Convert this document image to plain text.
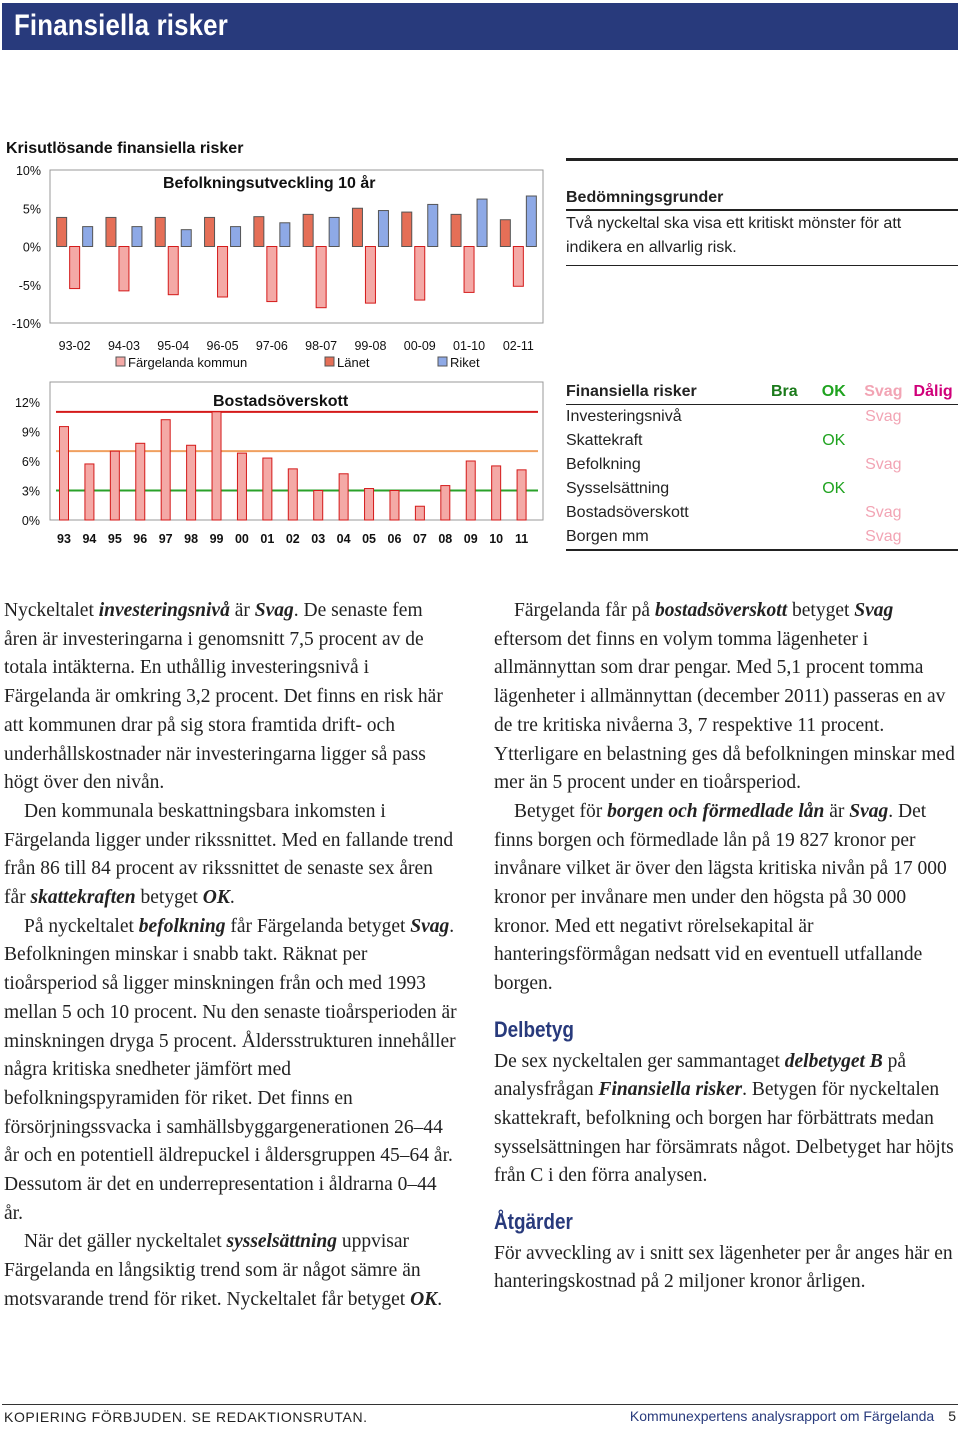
Finansiella risker
Krisutlösande finansiella risker
10%
5%
0%
-5%
-10%
Befolkningsutveckling 10 år
93-02 94-03 95-04 96-05 97-06 98-07 99-08 00-09 01-10 02-11
Färgelanda kommun	Länet	Riket
12%
9%
6%
3%
0%
Bostadsöverskott
93 94 95 96 97 98 99 00 01 02 03 04 05 06 07 08 09 10 11
Bedömningsgrunder
Två nyckeltal ska visa ett kritiskt mönster för att indikera en allvarlig risk.
Finansiella risker	Bra	OK	Svag	Dålig
Investeringsnivå			Svag	
Skattekraft		OK		
Befolkning			Svag	
Sysselsättning		OK		
Bostadsöverskott			Svag	
Borgen mm			Svag	

Nyckeltalet investeringsnivå är Svag. De senaste fem åren är investeringarna i genomsnitt 7,5 procent av de totala intäkterna. En uthållig investeringsnivå i Färgelanda är omkring 3,2 procent. Det finns en risk här att kommunen drar på sig stora framtida drift- och underhållskostnader när investeringarna ligger så pass högt över den nivån.

Den kommunala beskattningsbara inkomsten i Färgelanda ligger under rikssnittet. Med en fallande trend från 86 till 84 procent av rikssnittet de senaste sex åren får skattekraften betyget OK.

På nyckeltalet befolkning får Färgelanda betyget Svag. Befolkningen minskar i snabb takt. Räknat per tioårsperiod så ligger minskningen från och med 1993 mellan 5 och 10 procent. Nu den senaste tioårsperioden är minskningen dryga 5 procent. Åldersstrukturen innehåller några kritiska snedheter jämfört med befolkningspyramiden för riket. Det finns en försörjningssvacka i samhällsbyggargenerationen 26–44 år och en potentiell äldrepuckel i åldersgruppen 45–64 år. Dessutom är det en underrepresentation i åldrarna 0–44 år.

När det gäller nyckeltalet sysselsättning uppvisar Färgelanda en långsiktig trend som är något sämre än motsvarande trend för riket. Nyckeltalet får betyget OK.

Färgelanda får på bostadsöverskott betyget Svag eftersom det finns en volym tomma lägenheter i allmännyttan som drar pengar. Med 5,1 procent tomma lägenheter i allmännyttan (december 2011) passeras en av de tre kritiska nivåerna 3, 7 respektive 11 procent. Ytterligare en belastning ges då befolkningen minskar med mer än 5 procent under en tioårsperiod.

Betyget för borgen och förmedlade lån är Svag. Det finns borgen och förmedlade lån på 19 827 kronor per invånare vilket är över den lägsta kritiska nivån på 17 000 kronor per invånare men under den högsta på 30 000 kronor. Med ett negativt rörelsekapital är hanteringsförmågan nedsatt vid en eventuell utfallande borgen.

Delbetyg

De sex nyckeltalen ger sammantaget delbetyget B på analysfrågan Finansiella risker. Betygen för nyckeltalen skattekraft, befolkning och borgen har förbättrats medan sysselsättningen har försämrats något. Delbetyget har höjts från C i den förra analysen.

Åtgärder

För avveckling av i snitt sex lägenheter per år anges här en hanteringskostnad på 2 miljoner kronor årligen.

KOPIERING FÖRBJUDEN. SE REDAKTIONSRUTAN.	Kommunexpertens analysrapport om Färgelanda 5
